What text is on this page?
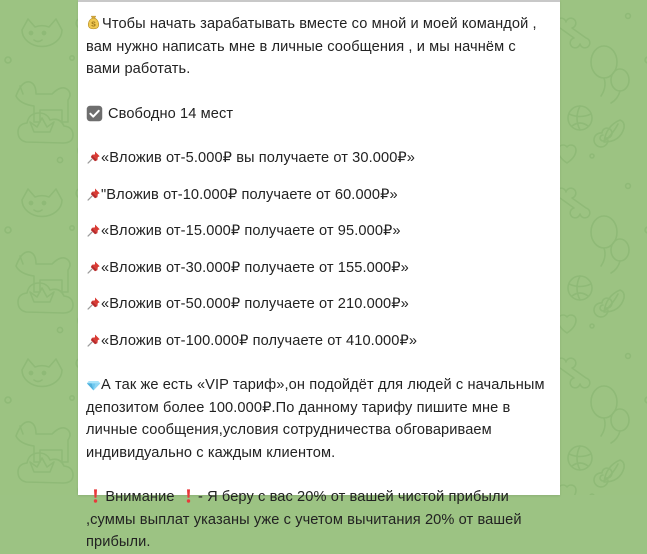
S Чтобы начать зарабатывать вместе со мной и моей командой , вам нужно написать мне в личные сообщения , и мы начнём с вами работать.

Свободно 14 мест

«Вложив от-5.000₽ вы получаете от 30.000₽»

"Вложив от-10.000₽ получаете от 60.000₽»

«Вложив от-15.000₽ получаете от 95.000₽»

«Вложив от-30.000₽ получаете от 155.000₽»

«Вложив от-50.000₽ получаете от 210.000₽»

«Вложив от-100.000₽ получаете от 410.000₽»

А так же есть «VIP тариф»,он подойдёт для людей с начальным депозитом более 100.000₽.По данному тарифу пишите мне в личные сообщения,условия сотрудничества обговариваем индивидуально с каждым клиентом.

Внимание - Я беру с вас 20% от вашей чистой прибыли ,суммы выплат указаны уже с учетом вычитания 20% от вашей прибыли.
